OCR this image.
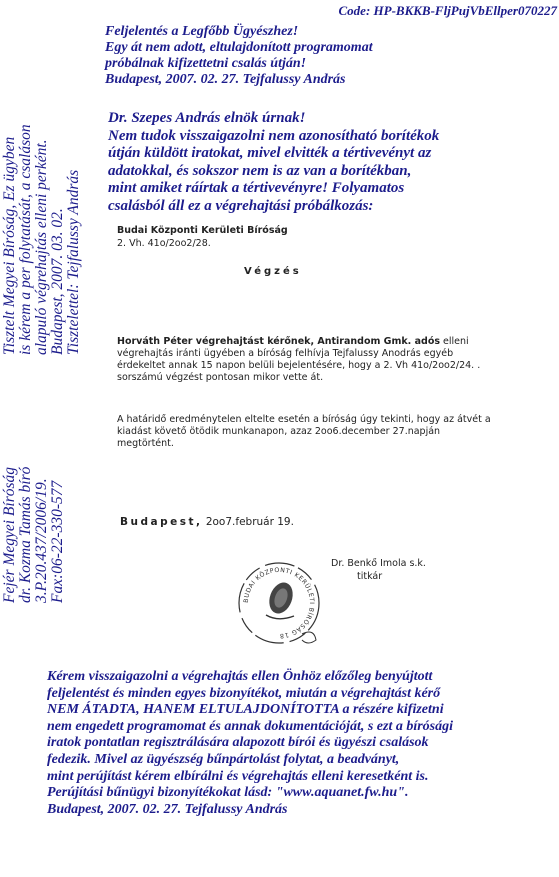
Code: HP-BKKB-FljPujVbEllper070227
Feljelentés a Legfőbb Ügyészhez!
Egy át nem adott, eltulajdonított programomat
próbálnak kifizettetni csalás útján!
Budapest, 2007. 02. 27. Tejfalussy András
Dr. Szepes András elnök úrnak!
Nem tudok visszaigazolni nem azonosítható borítékok
útján küldött iratokat, mivel elvitték a tértivevényt az
adatokkal, és sokszor nem is az van a borítékban,
mint amiket ráírtak a tértivevényre! Folyamatos
csalásból áll ez a végrehajtási próbálkozás:
Tisztelt Megyei Bíróság, Ez ügyben is kérem a per folytatását, a csaláson alapuló végrehajtás elleni perként. Budapest, 2007. 03. 02. Tisztelettel: Tejfalussy András
Fejér Megyei Bíróság dr. Kozma Tamás bíró 3.P.20.437/2006/19. Fax:06-22-330-577
Budai Központi Kerületi Bíróság
2. Vh. 41o/2oo2/28.
Végzés
Horváth Péter végrehajtást kérőnek, Antirandom Gmk. adós elleni
végrehajtás iránti ügyében a bíróság felhívja Tejfalussy Anodrás egyéb
érdekeltet annak 15 napon belüli bejelentésére, hogy a 2. Vh 41o/2oo2/24. .
sorszámú végzést pontosan mikor vette át.
A határidő eredménytelen eltelte esetén a bíróság úgy tekinti, hogy az átvét a
kiadást követő ötödik munkanapon, azaz 2oo6.december 27.napján
megtörtént.
Budapest, 2oo7.február 19.
Dr. Benkő Imola s.k.
titkár
BUDAI KÖZPONTI KERÜLETI BÍRÓSÁG 18
Kérem visszaigazolni a végrehajtás ellen Önhöz előzőleg benyújtott
feljelentést és minden egyes bizonyítékot, miután a végrehajtást kérő
NEM ÁTADTA, HANEM ELTULAJDONÍTOTTA a részére kifizetni
nem engedett programomat és annak dokumentációját, s ezt a bírósági
iratok pontatlan regisztrálására alapozott bírói és ügyészi csalások
fedezik. Mivel az ügyészség bűnpártolást folytat, a beadványt,
mint perújítást kérem elbírálni és végrehajtás elleni keresetként is.
Perújítási bűnügyi bizonyítékokat lásd: "www.aquanet.fw.hu".
Budapest, 2007. 02. 27. Tejfalussy András
